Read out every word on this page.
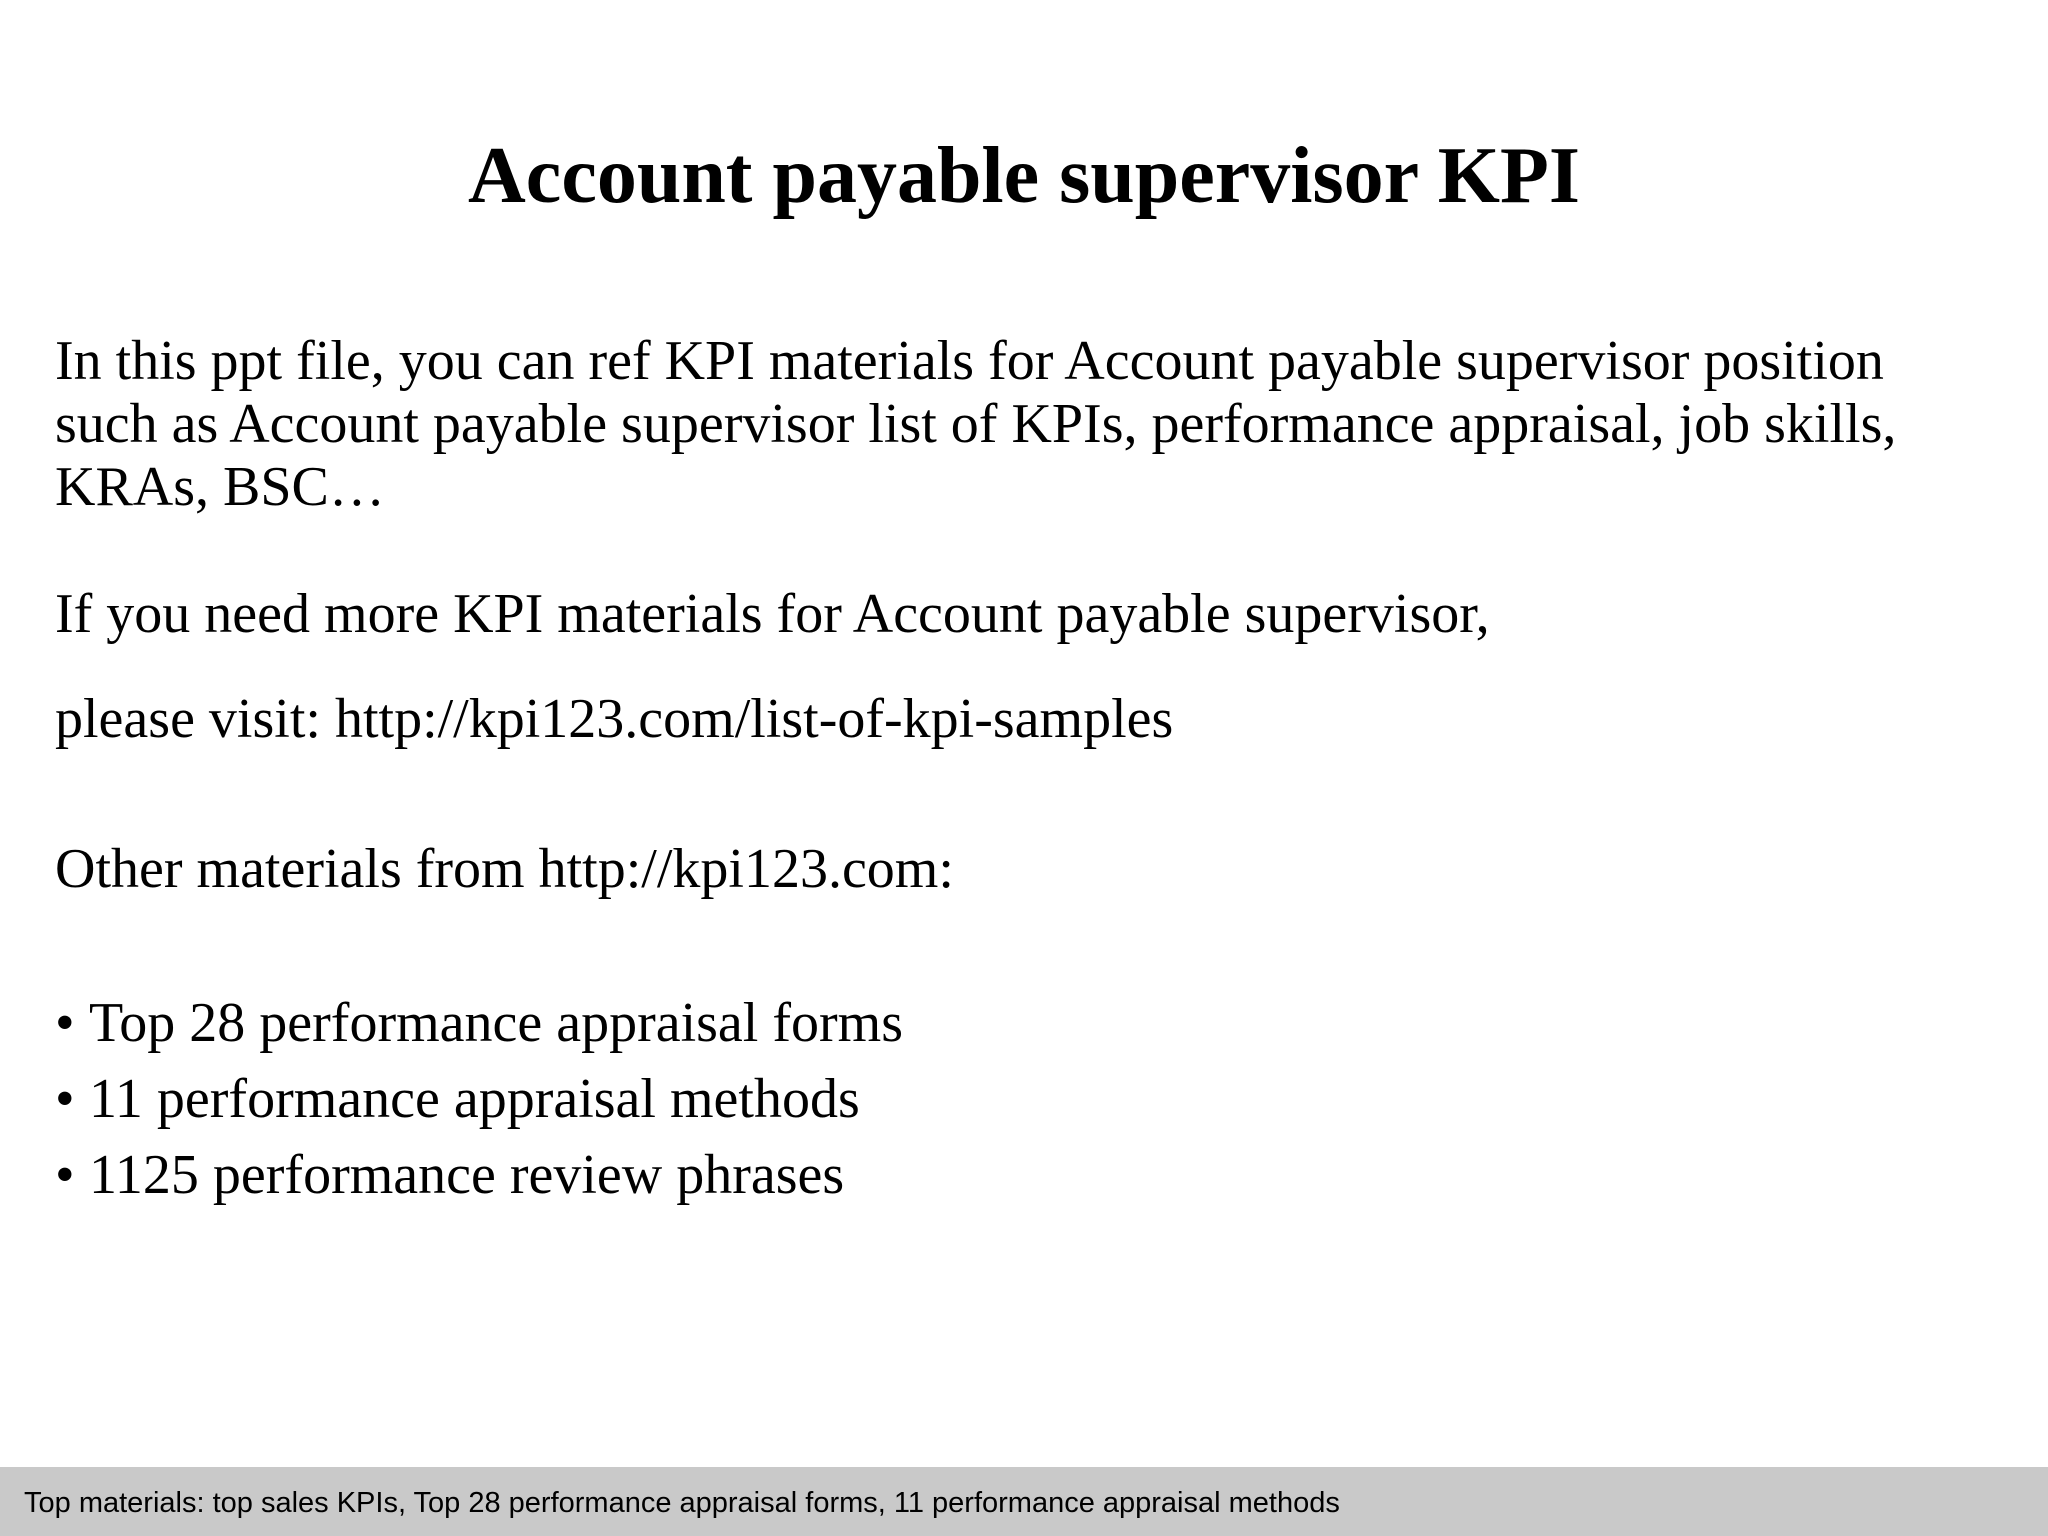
Account payable supervisor KPI

In this ppt file, you can ref KPI materials for Account payable supervisor position such as Account payable supervisor list of KPIs, performance appraisal, job skills, KRAs, BSC…

If you need more KPI materials for Account payable supervisor,

please visit: http://kpi123.com/list-of-kpi-samples

Other materials from http://kpi123.com:

• Top 28 performance appraisal forms
• 11 performance appraisal methods
• 1125 performance review phrases
Top materials: top sales KPIs, Top 28 performance appraisal forms, 11 performance appraisal methods
